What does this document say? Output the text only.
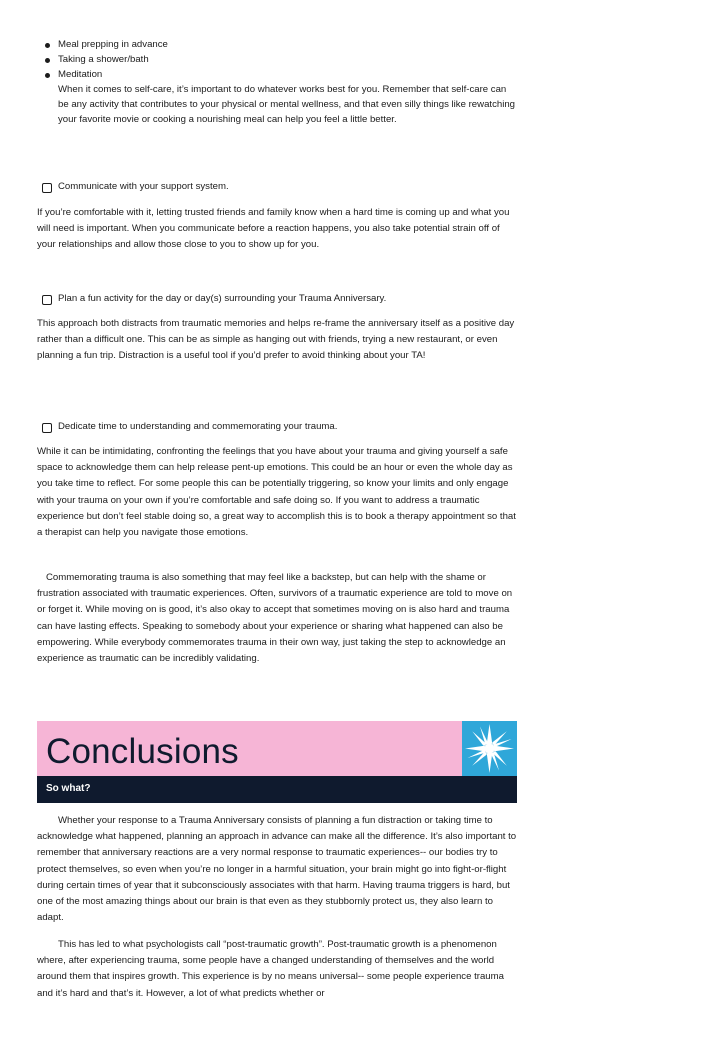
Meal prepping in advance
Taking a shower/bath
Meditation
When it comes to self-care, it’s important to do whatever works best for you. Remember that self-care can be any activity that contributes to your physical or mental wellness, and that even silly things like rewatching your favorite movie or cooking a nourishing meal can help you feel a little better.
Communicate with your support system.
If you’re comfortable with it, letting trusted friends and family know when a hard time is coming up and what you will need is important. When you communicate before a reaction happens, you also take potential strain off of your relationships and allow those close to you to show up for you.
Plan a fun activity for the day or day(s) surrounding your Trauma Anniversary.
This approach both distracts from traumatic memories and helps re-frame the anniversary itself as a positive day rather than a difficult one. This can be as simple as hanging out with friends, trying a new restaurant, or even planning a fun trip. Distraction is a useful tool if you’d prefer to avoid thinking about your TA!
Dedicate time to understanding and commemorating your trauma.
While it can be intimidating, confronting the feelings that you have about your trauma and giving yourself a safe space to acknowledge them can help release pent-up emotions. This could be an hour or even the whole day as you take time to reflect. For some people this can be potentially triggering, so know your limits and only engage with your trauma on your own if you’re comfortable and safe doing so. If you want to address a traumatic experience but don’t feel stable doing so, a great way to accomplish this is to book a therapy appointment so that a therapist can help you navigate those emotions.
Commemorating trauma is also something that may feel like a backstep, but can help with the shame or frustration associated with traumatic experiences. Often, survivors of a traumatic experience are told to move on or forget it. While moving on is good, it’s also okay to accept that sometimes moving on is also hard and trauma can have lasting effects. Speaking to somebody about your experience or sharing what happened can also be empowering. While everybody commemorates trauma in their own way, just taking the step to acknowledge an experience as traumatic can be incredibly validating.
Conclusions
So what?
Whether your response to a Trauma Anniversary consists of planning a fun distraction or taking time to acknowledge what happened, planning an approach in advance can make all the difference. It’s also important to remember that anniversary reactions are a very normal response to traumatic experiences-- our bodies try to protect themselves, so even when you’re no longer in a harmful situation, your brain might go into fight-or-flight during certain times of year that it subconsciously associates with that harm. Having trauma triggers is hard, but one of the most amazing things about our brain is that even as they stubbornly protect us, they also learn to adapt.
This has led to what psychologists call “post-traumatic growth”. Post-traumatic growth is a phenomenon where, after experiencing trauma, some people have a changed understanding of themselves and the world around them that inspires growth. This experience is by no means universal-- some people experience trauma and it’s hard and that’s it. However, a lot of what predicts whether or
